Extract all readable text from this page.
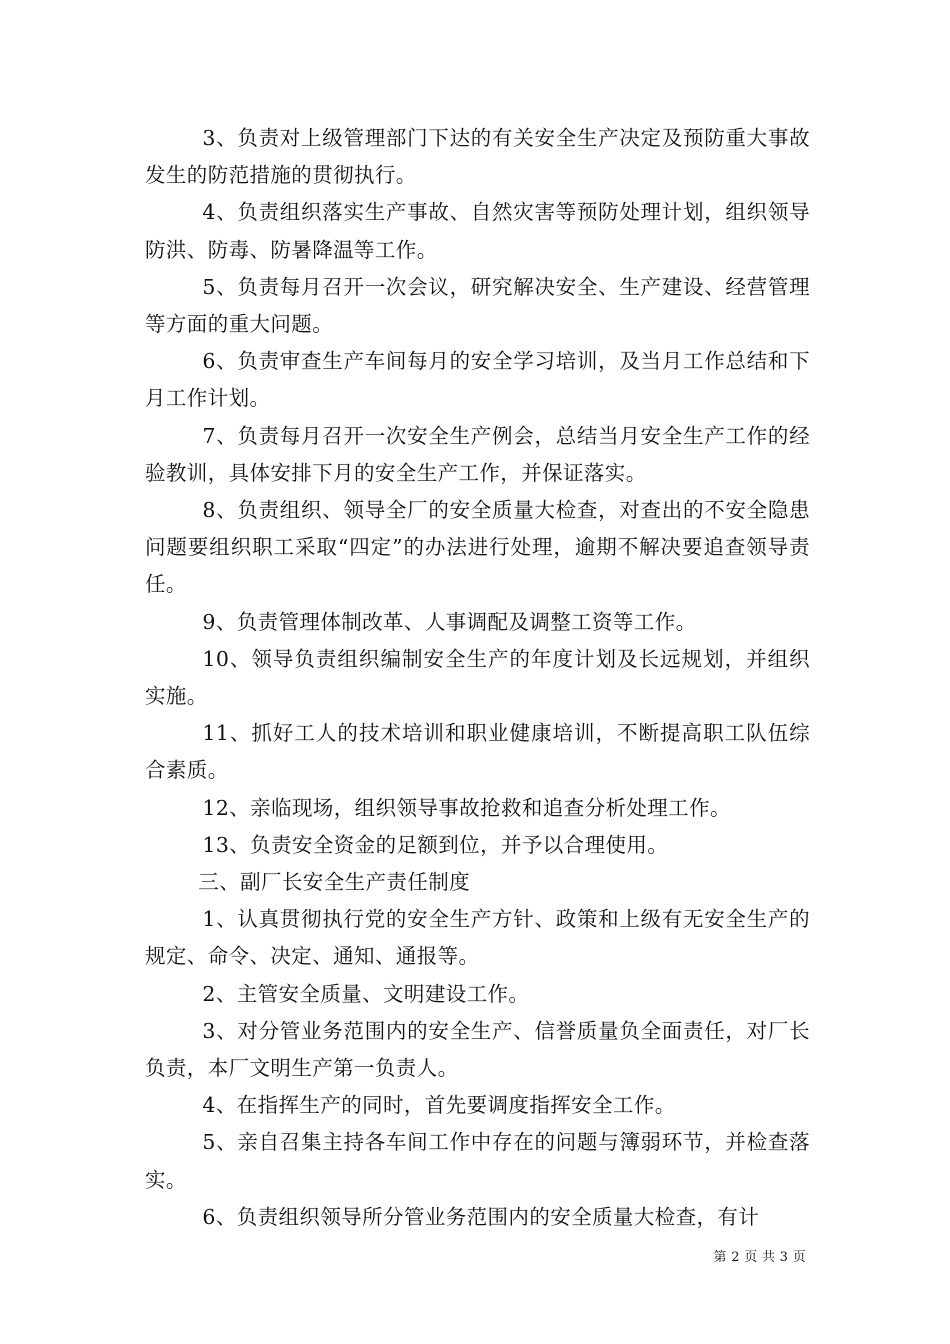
3、负责对上级管理部门下达的有关安全生产决定及预防重大事故发生的防范措施的贯彻执行。

4、负责组织落实生产事故、自然灾害等预防处理计划，组织领导防洪、防毒、防暑降温等工作。

5、负责每月召开一次会议，研究解决安全、生产建设、经营管理等方面的重大问题。

6、负责审查生产车间每月的安全学习培训，及当月工作总结和下月工作计划。

7、负责每月召开一次安全生产例会，总结当月安全生产工作的经验教训，具体安排下月的安全生产工作，并保证落实。

8、负责组织、领导全厂的安全质量大检查，对查出的不安全隐患问题要组织职工采取“四定”的办法进行处理，逾期不解决要追查领导责任。

9、负责管理体制改革、人事调配及调整工资等工作。

10、领导负责组织编制安全生产的年度计划及长远规划，并组织实施。

11、抓好工人的技术培训和职业健康培训，不断提高职工队伍综合素质。

12、亲临现场，组织领导事故抢救和追查分析处理工作。

13、负责安全资金的足额到位，并予以合理使用。

三、副厂长安全生产责任制度

1、认真贯彻执行党的安全生产方针、政策和上级有无安全生产的规定、命令、决定、通知、通报等。

2、主管安全质量、文明建设工作。

3、对分管业务范围内的安全生产、信誉质量负全面责任，对厂长负责，本厂文明生产第一负责人。

4、在指挥生产的同时，首先要调度指挥安全工作。

5、亲自召集主持各车间工作中存在的问题与簿弱环节，并检查落实。

6、负责组织领导所分管业务范围内的安全质量大检查，有计

第 2 页 共 3 页
